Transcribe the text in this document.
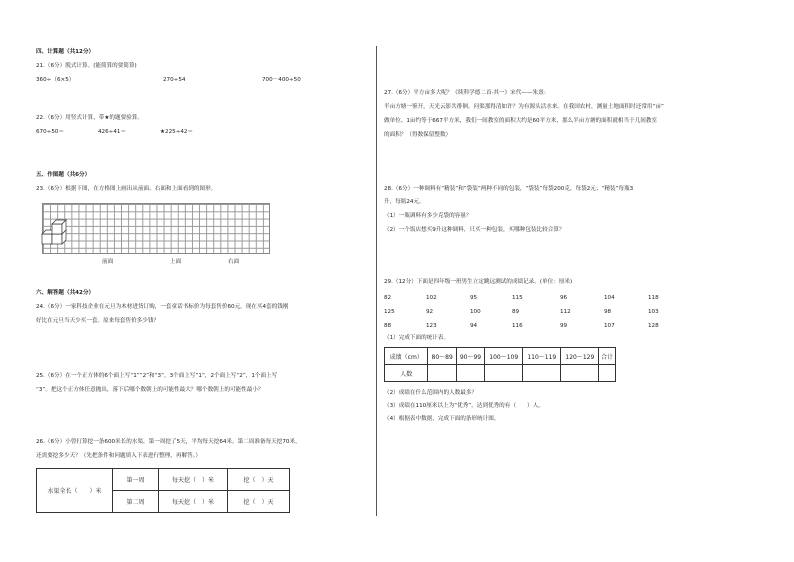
四、计算题（共12分）
21.（6分）脱式计算。(能简算的要简算)
360÷（6×5）	270÷54	700－400÷50
22.（6分）用竖式计算，带★的题要验算。
670÷50＝	426÷41＝	★225÷42＝
五、作图题（共6分）
23.（6分）根据下图，在方格图上画出从前面、右面和上面看到的图形。
前面	上面	右面
六、解答题（共42分）
24.（6分）一家科技企业在元旦为木材进货订购，一套童话书标价为每套售价60元。现在买4套的钱刚
好比在元旦当天少买一套。原来每套售价多少钱？
25.（6分）在一个正方体的6个面上写“1”“2”和“3”。3个面上写“1”，2个面上写“2”，1个面上写
“3”。把这个正方体任意抛出，落下后哪个数朝上的可能性最大？哪个数朝上的可能性最小？
26.（6分）小曾打算挖一条600米长的水渠，第一周挖了5天，平均每天挖64米。第二周准备每天挖70米，
还需要挖多少天？（先把条件和问题填入下表进行整理，再解答。）
水渠全长（　　）米	第一周	每天挖（　）米	挖（　）天
	第二周	每天挖（　）米	挖（　）天
27.（6分）平方亩多大呢？《续科学德二首·其一》宋代——朱熹：
半亩方塘一鉴开，天光云影共徘徊。问渠那得清如许？为有源头活水来。在我国农村，测量土地面积时还常用“亩”
做单位。1亩约等于667平方米，我们一间教室的面积大约是60平方米，那么半亩方塘的面积就相当于几间教室
的面积？（得数保留整数）
28.（6分）一种调料有“精装”和“袋装”两种不同的包装，“袋装”每袋200克，每袋2元；“精装”每瓶3
升，每瓶24元。
（1）一瓶调料有多少克袋的容量？
（2）一个饭店想买9升这种调料，只买一种包装，买哪种包装比较合算？
29.（12分）下面是四年级一班男生立定跳远测试的成绩记录。(单位：厘米)
82	102	95	115	96	104	118
125	92	100	89	112	98	103
88	123	94	116	99	107	128
（1）完成下面的统计表。
成绩（cm）	80～89	90～99	100～109	110～119	120～129	合计
人数						
（2）成绩在什么范围内的人数最多？
（3）成绩在110厘米以上为“优秀”，达到优秀的有（　　）人。
（4）根据表中数据，完成下面的条形统计图。
